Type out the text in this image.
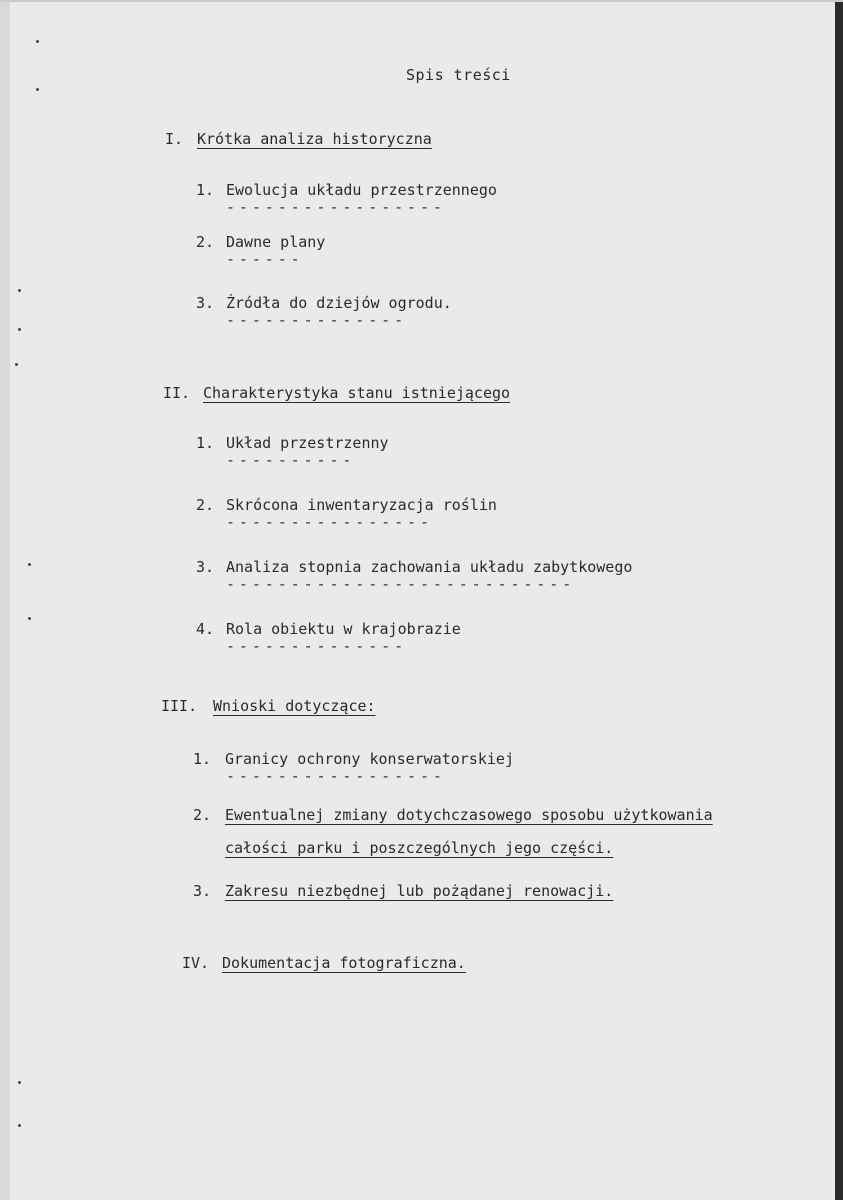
Spis treści
I. Krótka analiza historyczna
1. Ewolucja układu przestrzennego
-----------------
2. Dawne plany
------
3. Źródła do dziejów ogrodu.
--------------
II. Charakterystyka stanu istniejącego
1. Układ przestrzenny
----------
2. Skrócona inwentaryzacja roślin
----------------
3. Analiza stopnia zachowania układu zabytkowego
---------------------------
4. Rola obiektu w krajobrazie
--------------
III. Wnioski dotyczące:
1. Granicy ochrony konserwatorskiej
-----------------
2. Ewentualnej zmiany dotychczasowego sposobu użytkowania
całości parku i poszczególnych jego części.
3. Zakresu niezbędnej lub pożądanej renowacji.
IV. Dokumentacja fotograficzna.
